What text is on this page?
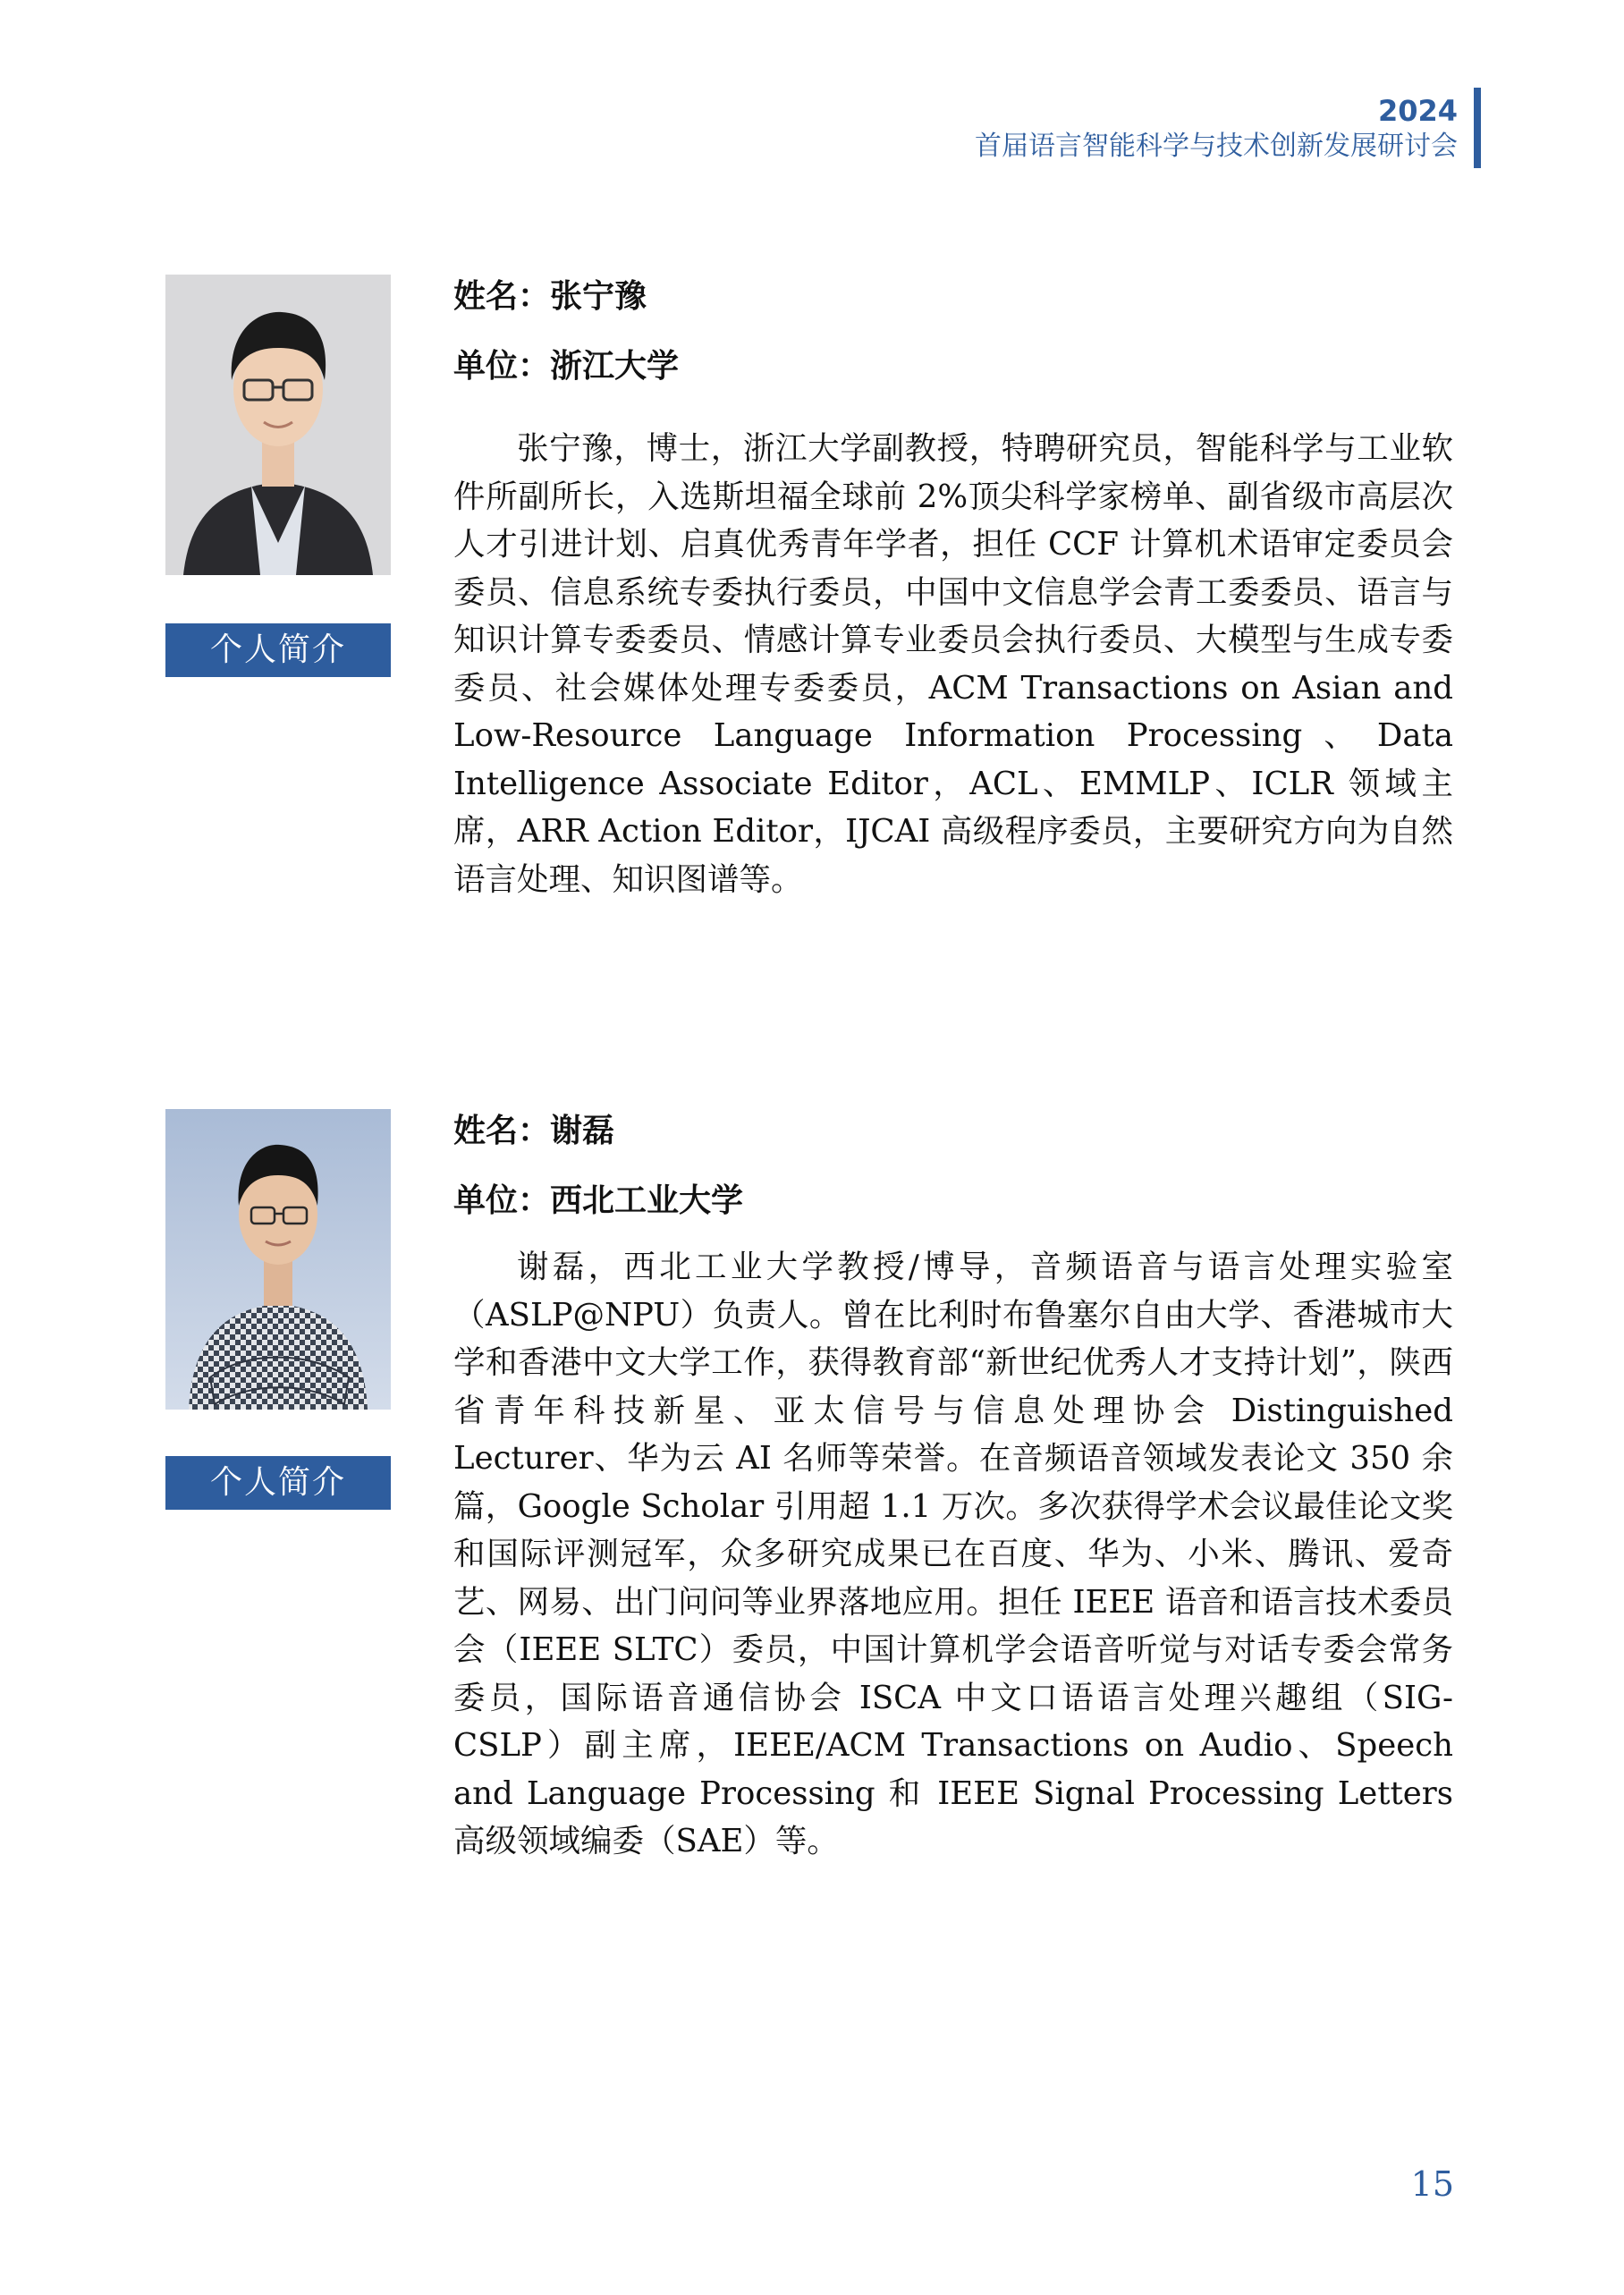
2024
首届语言智能科学与技术创新发展研讨会
个人简介

姓名：张宁豫

单位：浙江大学

张宁豫，博士，浙江大学副教授，特聘研究员，智能科学与工业软件所副所长，入选斯坦福全球前 2%顶尖科学家榜单、副省级市高层次人才引进计划、启真优秀青年学者，担任 CCF 计算机术语审定委员会委员、信息系统专委执行委员，中国中文信息学会青工委委员、语言与知识计算专委委员、情感计算专业委员会执行委员、大模型与生成专委委员、社会媒体处理专委委员，ACM Transactions on Asian and Low-Resource Language Information Processing、Data Intelligence Associate Editor，ACL、EMMLP、ICLR 领域主席，ARR Action Editor，IJCAI 高级程序委员，主要研究方向为自然语言处理、知识图谱等。

个人简介

姓名：谢磊

单位：西北工业大学

谢磊，西北工业大学教授/博导，音频语音与语言处理实验室（ASLP@NPU）负责人。曾在比利时布鲁塞尔自由大学、香港城市大学和香港中文大学工作，获得教育部“新世纪优秀人才支持计划”，陕西省青年科技新星、亚太信号与信息处理协会 Distinguished Lecturer、华为云 AI 名师等荣誉。在音频语音领域发表论文 350 余篇，Google Scholar 引用超 1.1 万次。多次获得学术会议最佳论文奖和国际评测冠军，众多研究成果已在百度、华为、小米、腾讯、爱奇艺、网易、出门问问等业界落地应用。担任 IEEE 语音和语言技术委员会（IEEE SLTC）委员，中国计算机学会语音听觉与对话专委会常务委员，国际语音通信协会 ISCA 中文口语语言处理兴趣组（SIG-CSLP）副主席，IEEE/ACM Transactions on Audio、Speech and Language Processing 和 IEEE Signal Processing Letters 高级领域编委（SAE）等。

15
